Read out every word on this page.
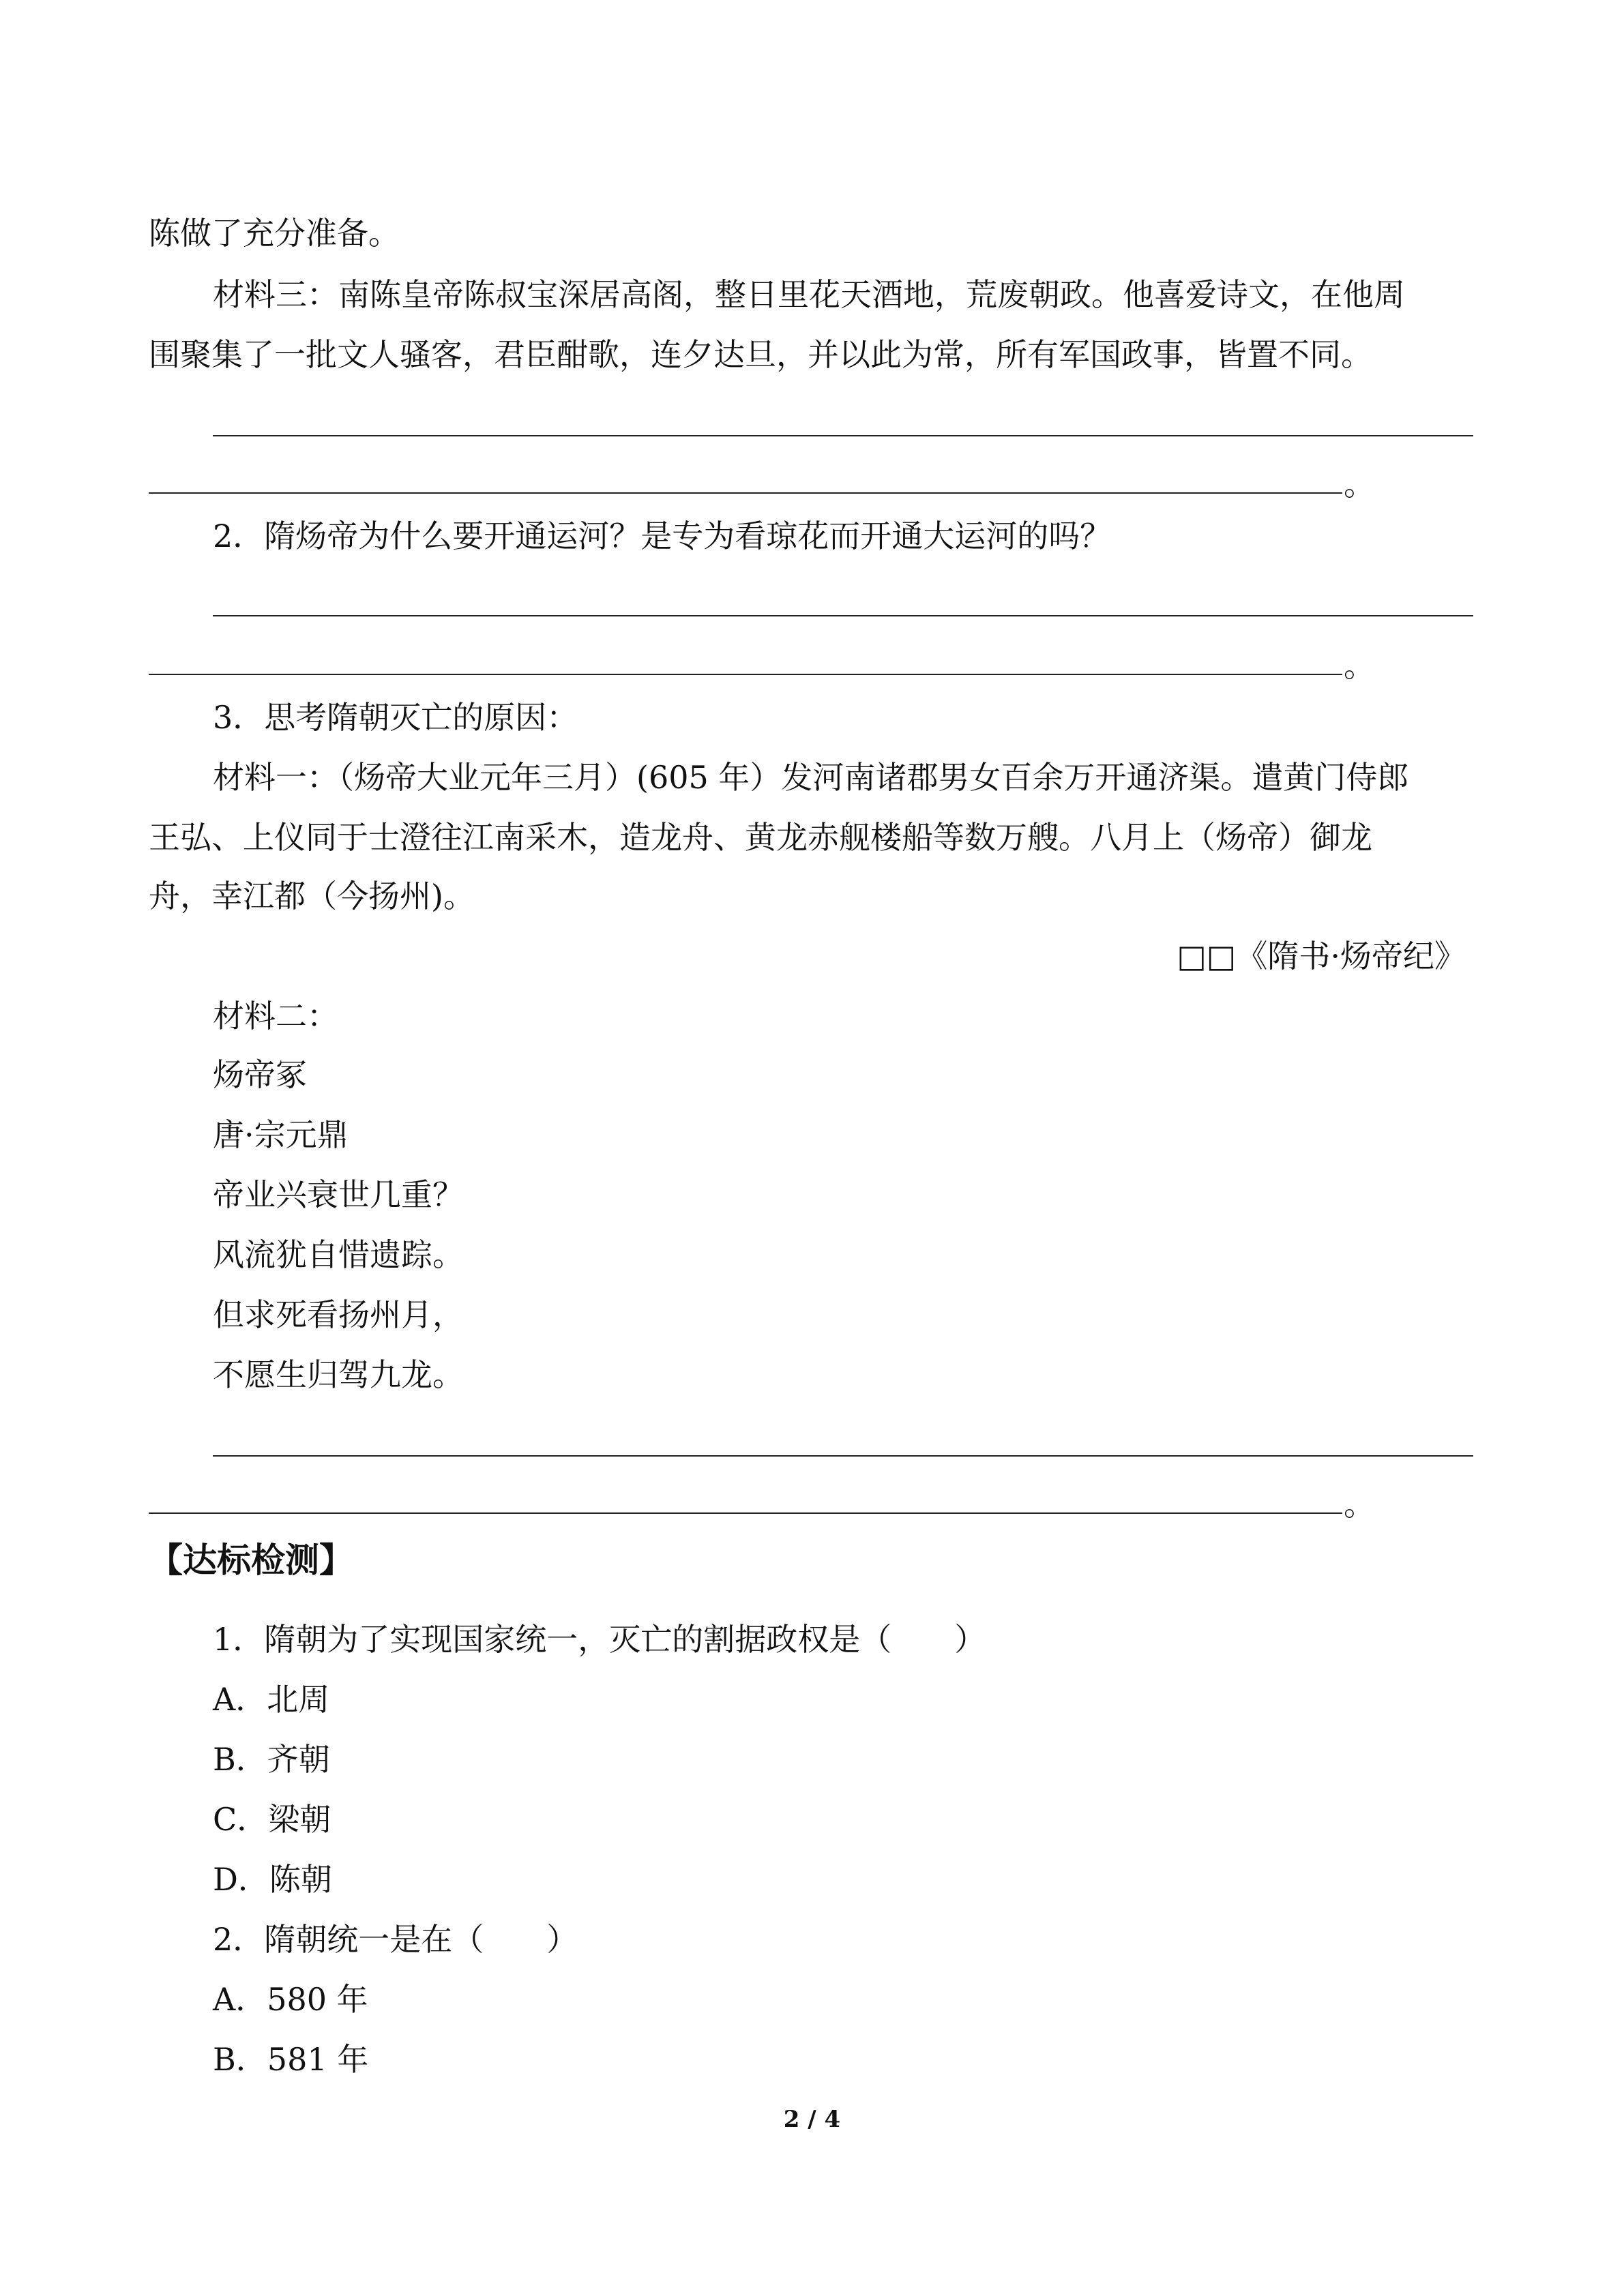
陈做了充分准备。
材料三：南陈皇帝陈叔宝深居高阁，整日里花天酒地，荒废朝政。他喜爱诗文，在他周
围聚集了一批文人骚客，君臣酣歌，连夕达旦，并以此为常，所有军国政事，皆置不同。
。
2．隋炀帝为什么要开通运河？是专为看琼花而开通大运河的吗？
。
3．思考隋朝灭亡的原因：
材料一：（炀帝大业元年三月）(605 年）发河南诸郡男女百余万开通济渠。遣黄门侍郎
王弘、上仪同于士澄往江南采木，造龙舟、黄龙赤舰楼船等数万艘。八月上（炀帝）御龙
舟，幸江都（今扬州)。
□□《隋书·炀帝纪》
材料二：
炀帝冢
唐·宗元鼎
帝业兴衰世几重？
风流犹自惜遗踪。
但求死看扬州月，
不愿生归驾九龙。
。
【达标检测】
1．隋朝为了实现国家统一，灭亡的割据政权是（　　）
A．北周
B．齐朝
C．梁朝
D．陈朝
2．隋朝统一是在（　　）
A．580 年
B．581 年
2 / 4
